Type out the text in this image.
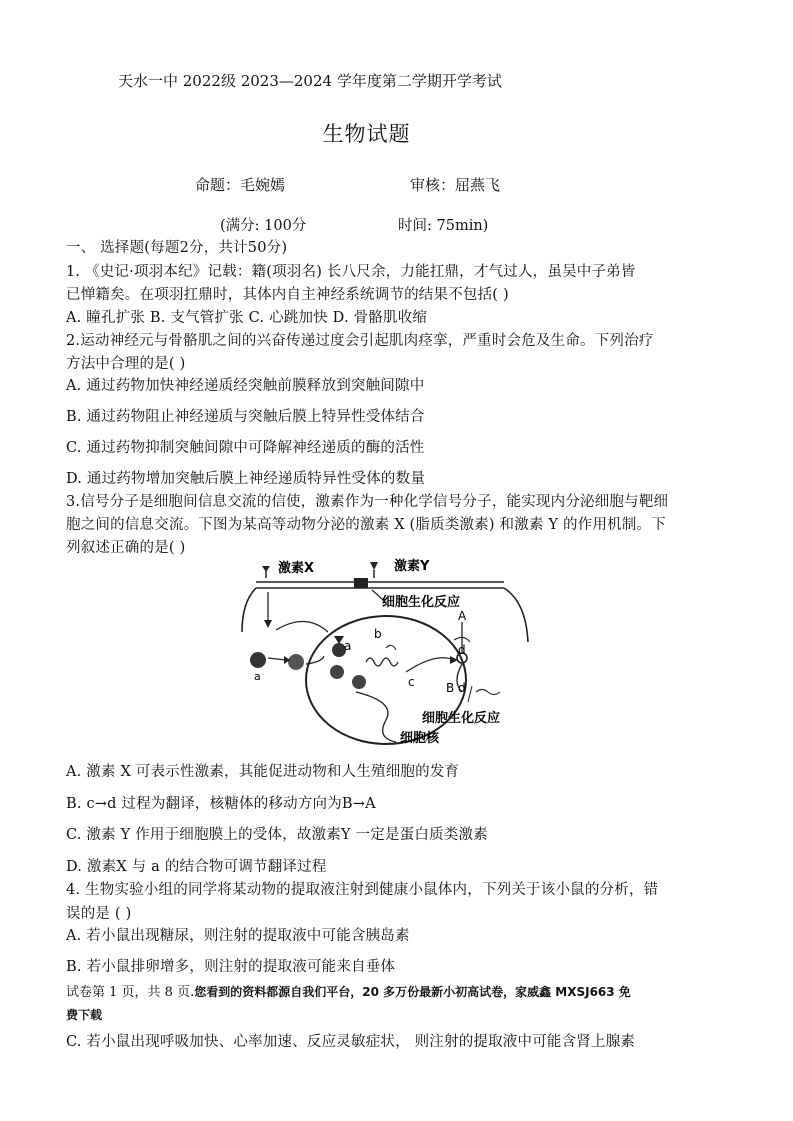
天水一中 2022级 2023—2024 学年度第二学期开学考试
生物试题
命题：毛婉嫣	审核：屈燕飞
(满分: 100分	时间: 75min)
一、 选择题(每题2分，共计50分)
1. 《史记·项羽本纪》记载：籍(项羽名) 长八尺余，力能扛鼎，才气过人，虽吴中子弟皆
已惮籍矣。在项羽扛鼎时，其体内自主神经系统调节的结果不包括( )
A. 瞳孔扩张 B. 支气管扩张 C. 心跳加快 D. 骨骼肌收缩
2.运动神经元与骨骼肌之间的兴奋传递过度会引起肌肉痉挛，严重时会危及生命。下列治疗
方法中合理的是( )
A. 通过药物加快神经递质经突触前膜释放到突触间隙中
B. 通过药物阻止神经递质与突触后膜上特异性受体结合
C. 通过药物抑制突触间隙中可降解神经递质的酶的活性
D. 通过药物增加突触后膜上神经递质特异性受体的数量
3.信号分子是细胞间信息交流的信使，激素作为一种化学信号分子，能实现内分泌细胞与靶细
胞之间的信息交流。下图为某高等动物分泌的激素 X (脂质类激素) 和激素 Y 的作用机制。下
列叙述正确的是( )
激素X	激素Y
细胞生化反应
a
a
b
c
A
d
B d
细胞生化反应
细胞核
A. 激素 X 可表示性激素，其能促进动物和人生殖细胞的发育
B. c→d 过程为翻译，核糖体的移动方向为B→A
C. 激素 Y 作用于细胞膜上的受体，故激素Y 一定是蛋白质类激素
D. 激素X 与 a 的结合物可调节翻译过程
4. 生物实验小组的同学将某动物的提取液注射到健康小鼠体内，下列关于该小鼠的分析，错
误的是 ( )
A. 若小鼠出现糖尿，则注射的提取液中可能含胰岛素
B. 若小鼠排卵增多，则注射的提取液可能来自垂体
试卷第 1 页，共 8 页.您看到的资料都源自我们平台，20 多万份最新小初高试卷，家威鑫 MXSJ663 免
费下载
C. 若小鼠出现呼吸加快、心率加速、反应灵敏症状， 则注射的提取液中可能含肾上腺素
